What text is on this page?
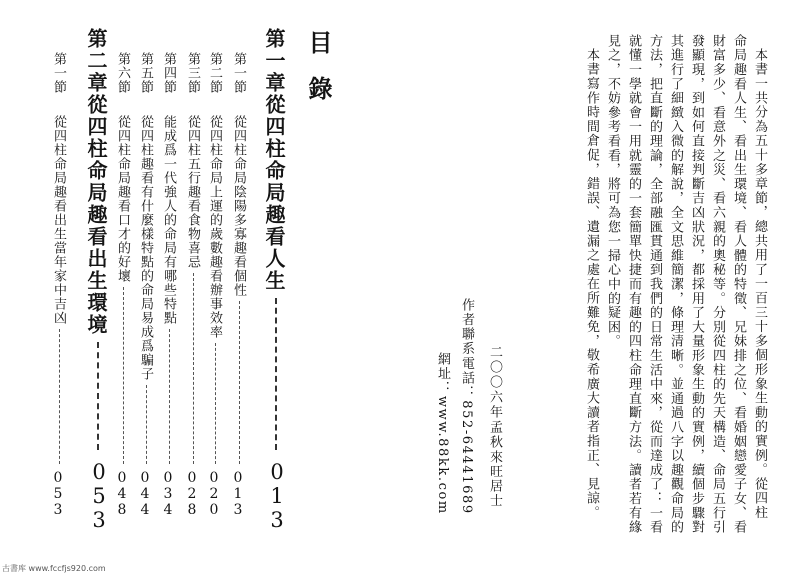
本書一共分為五十多章節，總共用了一百三十多個形象生動的實例。從四柱
命局趣看人生、看出生環境、看人體的特徵、兄妹排之位、看婚姻戀愛子女、看
財富多少、看意外之災、看六親的奧秘等。分別從四柱的先天構造、命局五行引
發顯現，到如何直接判斷吉凶狀況，都採用了大量形象生動的實例，續個步驟對
其進行了細緻入微的解說，全文思維簡潔，條理清晰。並通過八字以趣觀命局的
方法，把直斷的理論，全部融匯貫通到我們的日常生活中來，從而達成了：一看
就懂一學就會一用就靈的一套簡單快捷而有趣的四柱命理直斷方法。讀者若有緣
見之，不妨參考看看，將可為您一掃心中的疑困。
本書寫作時間倉促，錯誤、遺漏之處在所難免，敬希廣大讀者指正、見諒。
二〇〇六年孟秋
來旺居士
作者聯系電話：852-64441689
網址：www.88kk.com
目錄
第一章
從四柱命局趣看人生
013
第一節
從四柱命局陰陽多寡趣看個性
013
第二節
從四柱命局上運的歲數趣看辦事效率
020
第三節
從四柱五行趣看食物喜忌
028
第四節
能成爲一代強人的命局有哪些特點
034
第五節
從四柱趣看有什麼樣特點的命局易成爲騙子
044
第六節
從四柱命局趣看口才的好壞
048
第二章
從四柱命局趣看出生環境
053
第一節
從四柱命局趣看出生當年家中吉凶
053
古書库 www.fccfjs920.com
